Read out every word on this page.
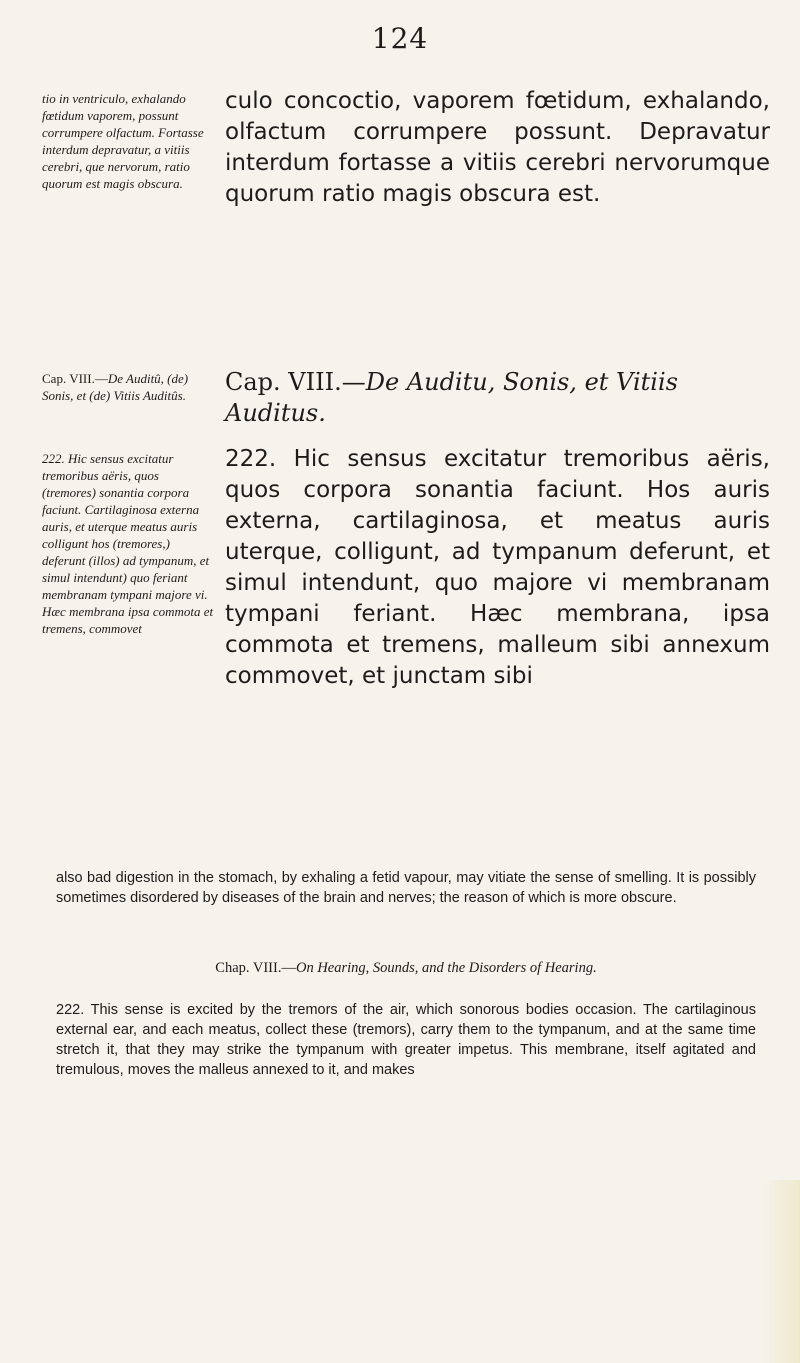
124

tio in ventriculo, exhalando fœtidum vaporem, possunt corrumpere olfactum. Fortasse interdum depravatur, a vitiis cerebri, que nervorum, ratio quorum est magis obscura.

culo concoctio, vaporem fœtidum, exhalando, olfactum corrumpere possunt. Depravatur interdum fortasse a vitiis cerebri nervorumque quorum ratio magis obscura est.

Cap. VIII.—De Auditû, (de) Sonis, et (de) Vitiis Auditûs.	Cap. VIII.—De Auditu, Sonis, et Vitiis Auditus.

222. Hic sensus excitatur tremoribus aëris, quos (tremores) sonantia corpora faciunt. Cartilaginosa externa auris, et uterque meatus auris colligunt hos (tremores,) deferunt (illos) ad tympanum, et simul intendunt) quo feriant membranam tympani majore vi. Hæc membrana ipsa commota et tremens, commovet

222. Hic sensus excitatur tremoribus aëris, quos corpora sonantia faciunt. Hos auris externa, cartilaginosa, et meatus auris uterque, colligunt, ad tympanum deferunt, et simul intendunt, quo majore vi membranam tympani feriant. Hæc membrana, ipsa commota et tremens, malleum sibi annexum commovet, et junctam sibi

also bad digestion in the stomach, by exhaling a fetid vapour, may vitiate the sense of smelling. It is possibly sometimes disordered by diseases of the brain and nerves; the reason of which is more obscure.

Chap. VIII.—On Hearing, Sounds, and the Disorders of Hearing.

222. This sense is excited by the tremors of the air, which sonorous bodies occasion. The cartilaginous external ear, and each meatus, collect these (tremors), carry them to the tympanum, and at the same time stretch it, that they may strike the tympanum with greater impetus. This membrane, itself agitated and tremulous, moves the malleus annexed to it, and makes
